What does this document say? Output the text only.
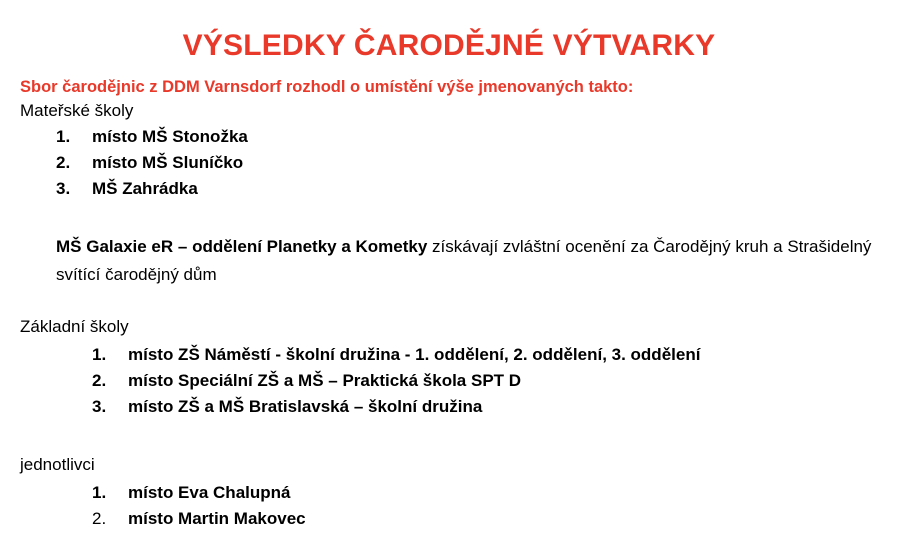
VÝSLEDKY ČARODĚJNÉ VÝTVARKY
Sbor čarodějnic z DDM Varnsdorf rozhodl o umístění výše jmenovaných takto:
Mateřské školy
1. místo MŠ Stonožka
2. místo MŠ Sluníčko
3. MŠ Zahrádka
MŠ Galaxie eR – oddělení Planetky a Kometky získávají zvláštní ocenění za Čarodějný kruh a Strašidelný svítící čarodějný dům
Základní školy
1. místo ZŠ Náměstí - školní družina - 1. oddělení, 2. oddělení, 3. oddělení
2. místo Speciální ZŠ a MŠ – Praktická škola SPT D
3. místo ZŠ a MŠ Bratislavská – školní družina
jednotlivci
1. místo Eva Chalupná
2. místo Martin Makovec
